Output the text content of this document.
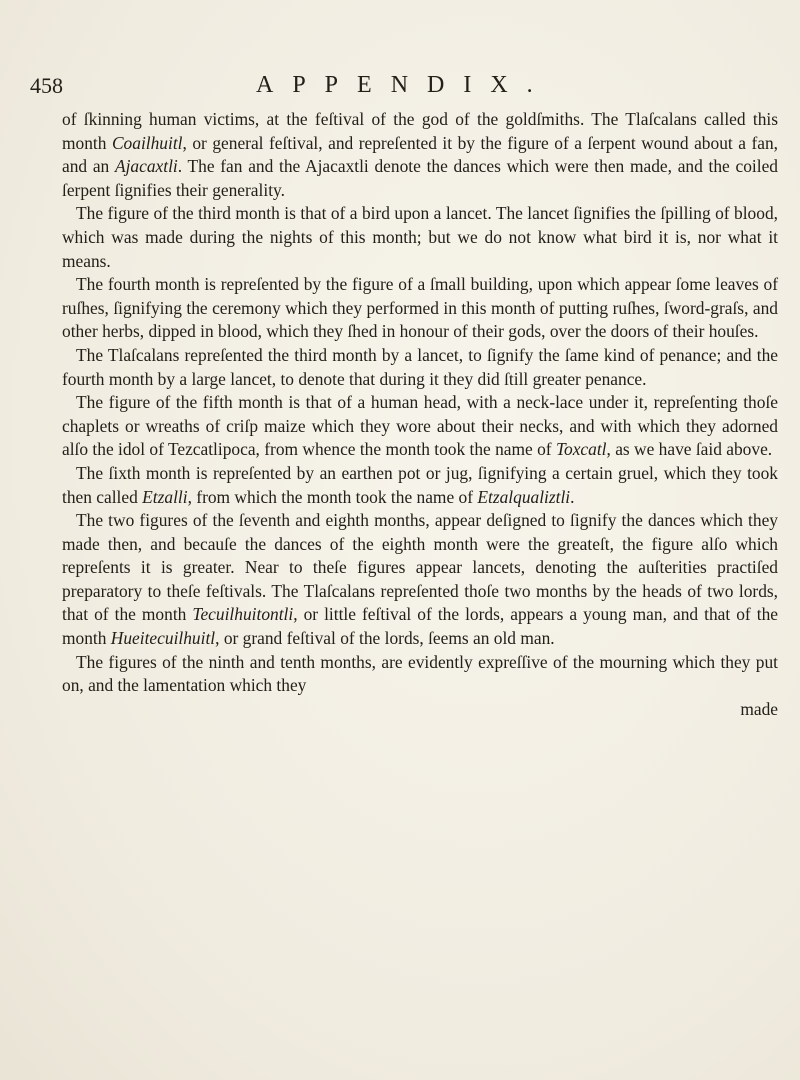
458	APPENDIX.

of ſkinning human victims, at the feſtival of the god of the goldſmiths. The Tlaſcalans called this month Coailhuitl, or general feſtival, and repreſented it by the figure of a ſerpent wound about a fan, and an Ajacaxtli. The fan and the Ajacaxtli denote the dances which were then made, and the coiled ſerpent ſignifies their generality.

The figure of the third month is that of a bird upon a lancet. The lancet ſignifies the ſpilling of blood, which was made during the nights of this month; but we do not know what bird it is, nor what it means.

The fourth month is repreſented by the figure of a ſmall building, upon which appear ſome leaves of ruſhes, ſignifying the ceremony which they performed in this month of putting ruſhes, ſword-graſs, and other herbs, dipped in blood, which they ſhed in honour of their gods, over the doors of their houſes.

The Tlaſcalans repreſented the third month by a lancet, to ſignify the ſame kind of penance; and the fourth month by a large lancet, to denote that during it they did ſtill greater penance.

The figure of the fifth month is that of a human head, with a neck-lace under it, repreſenting thoſe chaplets or wreaths of criſp maize which they wore about their necks, and with which they adorned alſo the idol of Tezcatlipoca, from whence the month took the name of Toxcatl, as we have ſaid above.

The ſixth month is repreſented by an earthen pot or jug, ſignifying a certain gruel, which they took then called Etzalli, from which the month took the name of Etzalqualiztli.

The two figures of the ſeventh and eighth months, appear deſigned to ſignify the dances which they made then, and becauſe the dances of the eighth month were the greateſt, the figure alſo which repreſents it is greater. Near to theſe figures appear lancets, denoting the auſterities practiſed preparatory to theſe feſtivals. The Tlaſcalans repreſented thoſe two months by the heads of two lords, that of the month Tecuilhuitontli, or little feſtival of the lords, appears a young man, and that of the month Hueitecuilhuitl, or grand feſtival of the lords, ſeems an old man.

The figures of the ninth and tenth months, are evidently expreſſive of the mourning which they put on, and the lamentation which they

made
